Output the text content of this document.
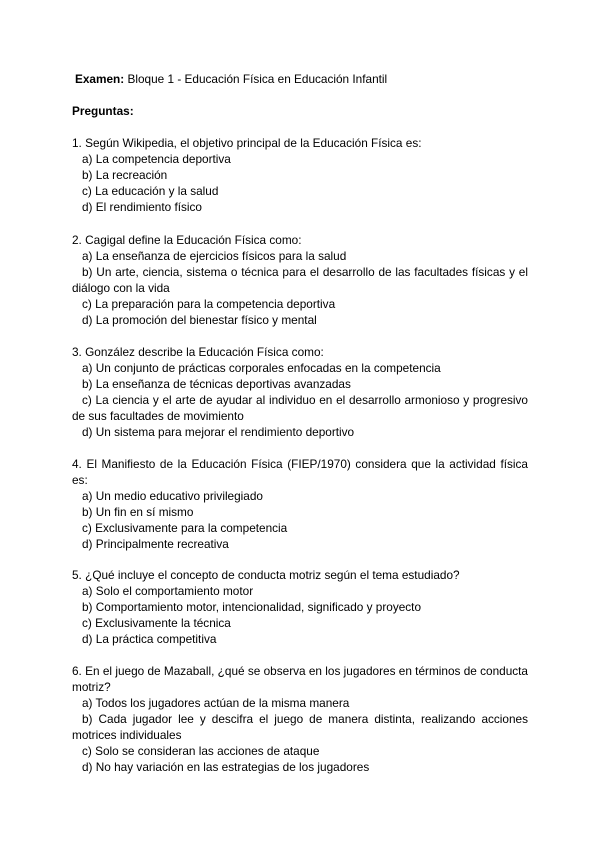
Examen: Bloque 1 - Educación Física en Educación Infantil
Preguntas:
1. Según Wikipedia, el objetivo principal de la Educación Física es:
a) La competencia deportiva
b) La recreación
c) La educación y la salud
d) El rendimiento físico
2. Cagigal define la Educación Física como:
a) La enseñanza de ejercicios físicos para la salud
b) Un arte, ciencia, sistema o técnica para el desarrollo de las facultades físicas y el diálogo con la vida
c) La preparación para la competencia deportiva
d) La promoción del bienestar físico y mental
3. González describe la Educación Física como:
a) Un conjunto de prácticas corporales enfocadas en la competencia
b) La enseñanza de técnicas deportivas avanzadas
c) La ciencia y el arte de ayudar al individuo en el desarrollo armonioso y progresivo de sus facultades de movimiento
d) Un sistema para mejorar el rendimiento deportivo
4. El Manifiesto de la Educación Física (FIEP/1970) considera que la actividad física es:
a) Un medio educativo privilegiado
b) Un fin en sí mismo
c) Exclusivamente para la competencia
d) Principalmente recreativa
5. ¿Qué incluye el concepto de conducta motriz según el tema estudiado?
a) Solo el comportamiento motor
b) Comportamiento motor, intencionalidad, significado y proyecto
c) Exclusivamente la técnica
d) La práctica competitiva
6. En el juego de Mazaball, ¿qué se observa en los jugadores en términos de conducta motriz?
a) Todos los jugadores actúan de la misma manera
b) Cada jugador lee y descifra el juego de manera distinta, realizando acciones motrices individuales
c) Solo se consideran las acciones de ataque
d) No hay variación en las estrategias de los jugadores
